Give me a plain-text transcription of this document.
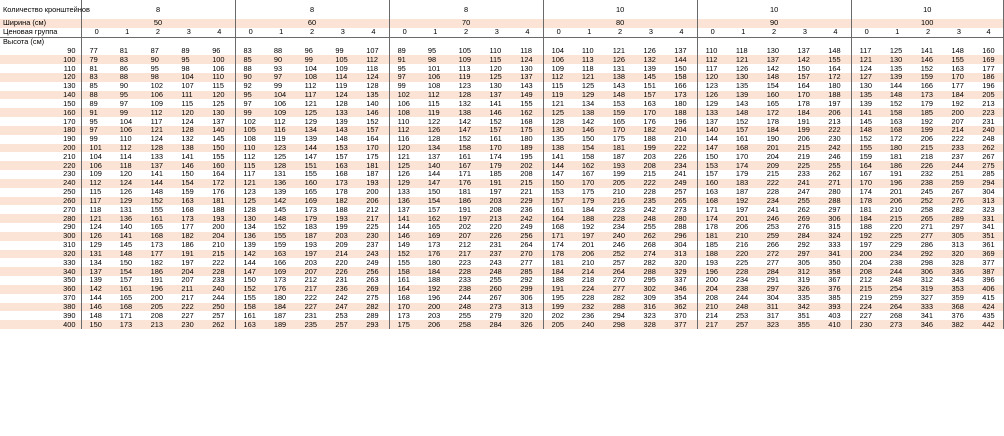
Количество кронштейнов	8					8					8					10					10					10				
Ширина (см)	50					60					70					80					90					100				
Ценовая группа	0	1	2	3	4	0	1	2	3	4	0	1	2	3	4	0	1	2	3	4	0	1	2	3	4	0	1	2	3	4
Высота (см)																														
90	77	81	87	89	96	83	88	96	99	107	89	95	105	110	118	104	110	121	126	137	110	118	130	137	148	117	125	141	148	160
100	79	83	90	95	100	85	90	99	105	112	91	98	109	115	124	106	113	126	132	144	112	121	137	142	155	121	130	146	155	169
110	81	86	95	98	106	88	93	104	109	118	95	101	113	120	130	109	118	131	139	150	117	126	142	150	164	124	135	152	163	177
120	83	88	98	104	110	90	97	108	114	124	97	106	119	125	137	112	121	138	145	158	120	130	148	157	172	127	139	159	170	186
130	85	90	102	107	115	92	99	112	119	128	99	108	123	130	143	115	125	143	151	166	123	135	154	164	180	130	144	166	177	196
140	88	95	106	111	120	95	104	117	124	135	102	112	128	137	149	119	129	148	157	173	126	139	160	170	188	135	148	173	184	205
150	89	97	109	115	125	97	106	121	128	140	106	115	132	141	155	121	134	153	163	180	129	143	165	178	197	139	152	179	192	213
160	91	99	112	120	130	99	109	125	133	146	108	119	138	146	162	125	138	159	170	188	133	148	172	184	206	141	158	185	200	223
170	95	104	117	124	137	102	112	129	139	152	110	122	142	152	168	128	142	165	176	196	137	152	178	191	213	145	163	192	207	231
180	97	106	121	128	140	105	116	134	143	157	112	126	147	157	175	130	146	170	182	204	140	157	184	199	222	148	168	199	214	240
190	99	110	124	132	145	108	119	139	148	164	116	128	152	161	180	135	150	175	188	210	144	161	190	206	230	152	172	206	222	248
200	101	112	128	138	150	110	123	144	153	170	120	134	158	170	189	138	154	181	199	222	147	168	201	215	242	155	180	215	233	262
210	104	114	133	141	155	112	125	147	157	175	121	137	161	174	195	141	158	187	203	226	150	170	204	219	246	159	181	218	237	267
220	106	118	137	146	160	115	128	151	163	181	125	140	167	179	202	144	162	193	208	234	153	174	209	225	255	164	186	226	244	275
230	109	120	141	150	164	117	131	155	168	187	126	144	171	185	208	147	167	199	215	241	157	179	215	233	262	167	191	232	251	285
240	112	124	144	154	172	121	136	160	173	193	129	147	176	191	215	150	170	205	222	249	160	183	222	241	271	170	196	238	259	294
250	115	126	148	159	176	123	139	165	178	200	133	150	181	197	221	153	175	210	228	257	163	187	228	247	280	174	201	245	267	304
260	117	129	152	163	181	125	142	169	182	206	136	154	186	203	229	157	179	216	235	265	168	192	234	255	288	178	206	252	276	313
270	118	131	155	168	188	128	145	173	188	212	137	157	191	208	236	161	184	223	242	273	171	197	241	262	297	181	210	258	282	323
280	121	136	161	173	193	130	148	179	193	217	141	162	197	213	242	164	188	228	248	280	174	201	246	269	306	184	215	265	289	331
290	124	140	165	177	200	134	152	183	199	225	144	165	202	220	249	168	192	234	255	288	178	206	253	276	315	188	220	271	297	341
300	126	141	168	182	204	136	155	187	203	230	146	169	207	226	256	171	197	240	262	296	181	210	259	284	324	192	225	277	305	351
310	129	145	173	186	210	139	159	193	209	237	149	173	212	231	264	174	201	246	268	304	185	216	266	292	333	197	229	286	313	361
320	131	148	177	191	215	142	163	197	214	243	152	176	217	237	270	178	206	252	274	313	188	220	272	297	341	200	234	292	320	369
330	134	150	182	197	222	144	166	203	220	249	155	180	223	243	277	181	210	257	282	320	193	225	277	305	350	204	238	298	328	377
340	137	154	186	204	228	147	169	207	226	256	158	184	228	248	285	184	214	264	288	329	196	228	284	312	358	208	244	306	336	387
350	139	157	191	207	233	150	173	212	231	263	161	188	233	255	292	188	218	270	295	337	200	234	291	319	367	212	248	312	343	396
360	142	161	196	211	240	152	176	217	236	269	164	192	238	260	299	191	224	277	302	346	204	238	297	326	376	215	254	319	353	406
370	144	165	200	217	244	155	180	222	242	275	168	196	244	267	306	195	228	282	309	354	208	244	304	335	385	219	259	327	359	415
380	146	168	205	222	250	158	184	227	247	282	170	200	248	273	313	199	232	288	316	362	210	248	311	342	393	224	264	333	368	424
390	148	171	208	227	257	161	187	231	253	289	173	203	255	279	320	202	236	294	323	370	214	253	317	351	403	227	268	341	376	435
400	150	173	213	230	262	163	189	235	257	293	175	206	258	284	326	205	240	298	328	377	217	257	323	355	410	230	273	346	382	442
